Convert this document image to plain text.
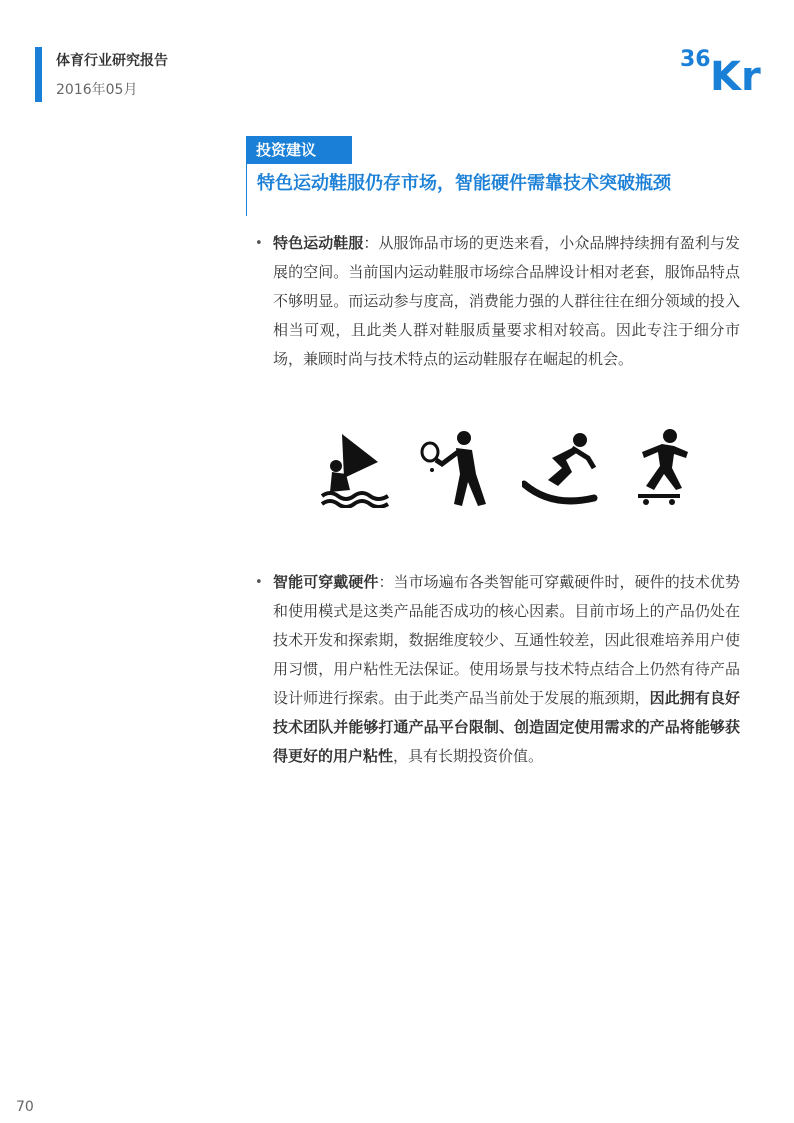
体育行业研究报告
2016年05月
36 Kr
投资建议
特色运动鞋服仍存市场，智能硬件需靠技术突破瓶颈
• 特色运动鞋服：从服饰品市场的更迭来看，小众品牌持续拥有盈利与发展的空间。当前国内运动鞋服市场综合品牌设计相对老套，服饰品特点不够明显。而运动参与度高，消费能力强的人群往往在细分领域的投入相当可观，且此类人群对鞋服质量要求相对较高。因此专注于细分市场，兼顾时尚与技术特点的运动鞋服存在崛起的机会。
• 智能可穿戴硬件：当市场遍布各类智能可穿戴硬件时，硬件的技术优势和使用模式是这类产品能否成功的核心因素。目前市场上的产品仍处在技术开发和探索期，数据维度较少、互通性较差，因此很难培养用户使用习惯，用户粘性无法保证。使用场景与技术特点结合上仍然有待产品设计师进行探索。由于此类产品当前处于发展的瓶颈期，因此拥有良好技术团队并能够打通产品平台限制、创造固定使用需求的产品将能够获得更好的用户粘性，具有长期投资价值。
70
